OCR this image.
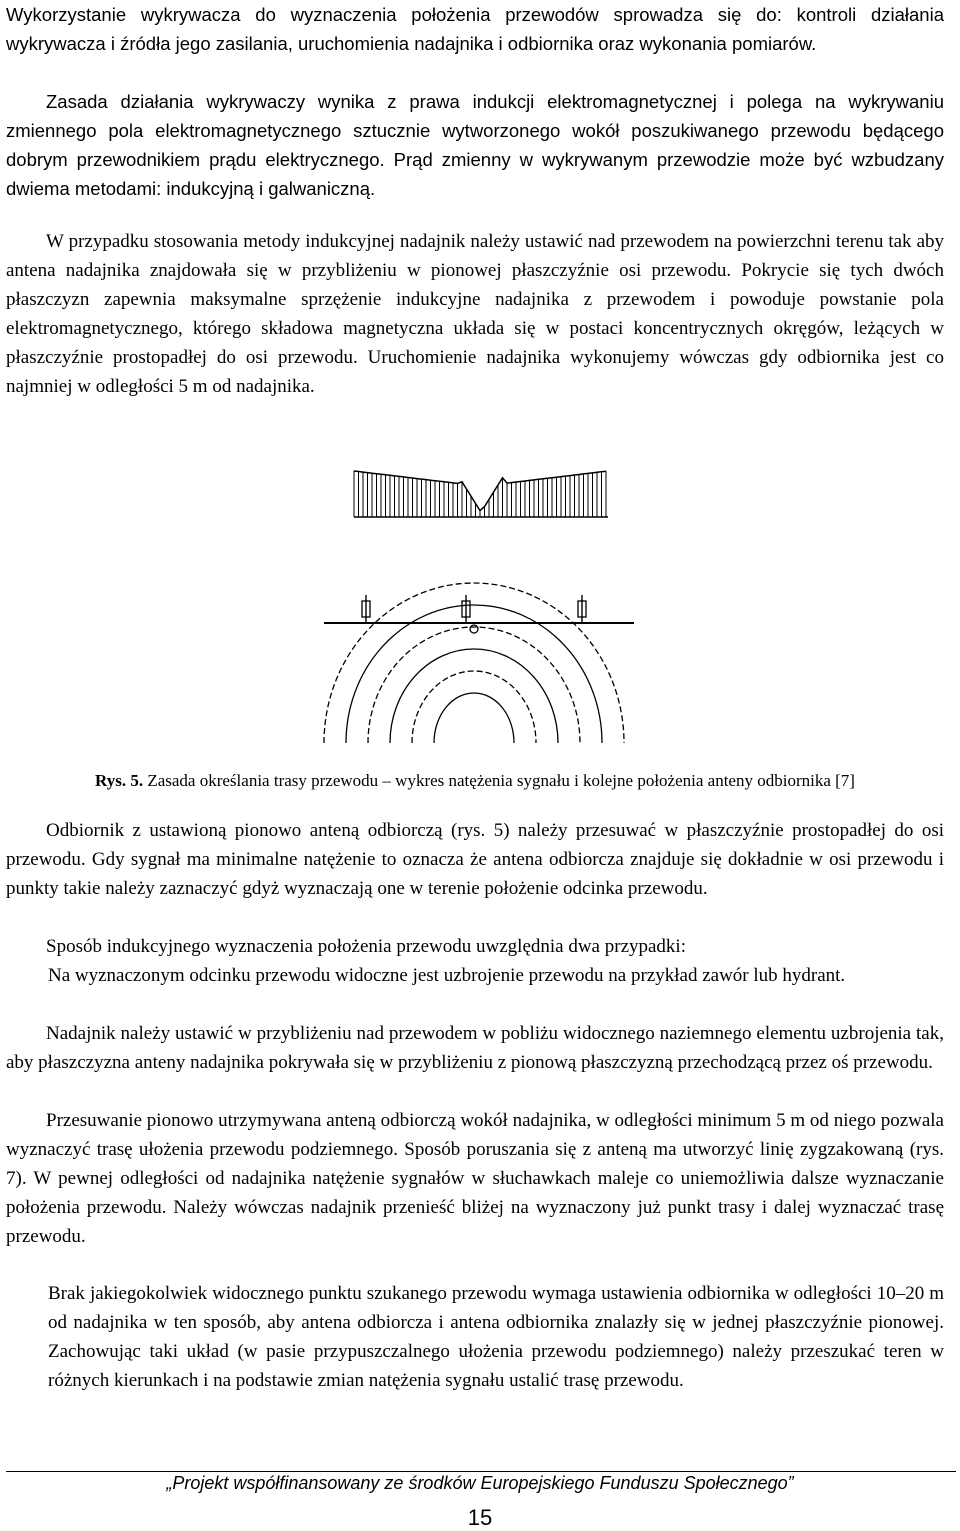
Wykorzystanie wykrywacza do wyznaczenia położenia przewodów sprowadza się do: kontroli działania wykrywacza i źródła jego zasilania, uruchomienia nadajnika i odbiornika oraz wykonania pomiarów.

Zasada działania wykrywaczy wynika z prawa indukcji elektromagnetycznej i polega na wykrywaniu zmiennego pola elektromagnetycznego sztucznie wytworzonego wokół poszukiwanego przewodu będącego dobrym przewodnikiem prądu elektrycznego. Prąd zmienny w wykrywanym przewodzie może być wzbudzany dwiema metodami: indukcyjną i galwaniczną.

W przypadku stosowania metody indukcyjnej nadajnik należy ustawić nad przewodem na powierzchni terenu tak aby antena nadajnika znajdowała się w przybliżeniu w pionowej płaszczyźnie osi przewodu. Pokrycie się tych dwóch płaszczyzn zapewnia maksymalne sprzężenie indukcyjne nadajnika z przewodem i powoduje powstanie pola elektromagnetycznego, którego składowa magnetyczna układa się w postaci koncentrycznych okręgów, leżących w płaszczyźnie prostopadłej do osi przewodu. Uruchomienie nadajnika wykonujemy wówczas gdy odbiornika jest co najmniej w odległości 5 m od nadajnika.

Rys. 5. Zasada określania trasy przewodu – wykres natężenia sygnału i kolejne położenia anteny odbiornika [7]

Odbiornik z ustawioną pionowo anteną odbiorczą (rys. 5) należy przesuwać w płaszczyźnie prostopadłej do osi przewodu. Gdy sygnał ma minimalne natężenie to oznacza że antena odbiorcza znajduje się dokładnie w osi przewodu i punkty takie należy zaznaczyć gdyż wyznaczają one w terenie położenie odcinka przewodu.

Sposób indukcyjnego wyznaczenia położenia przewodu uwzględnia dwa przypadki:

Na wyznaczonym odcinku przewodu widoczne jest uzbrojenie przewodu na przykład zawór lub hydrant.

Nadajnik należy ustawić w przybliżeniu nad przewodem w pobliżu widocznego naziemnego elementu uzbrojenia tak, aby płaszczyzna anteny nadajnika pokrywała się w przybliżeniu z pionową płaszczyzną przechodzącą przez oś przewodu.

Przesuwanie pionowo utrzymywana anteną odbiorczą wokół nadajnika, w odległości minimum 5 m od niego pozwala wyznaczyć trasę ułożenia przewodu podziemnego. Sposób poruszania się z anteną ma utworzyć linię zygzakowaną (rys. 7). W pewnej odległości od nadajnika natężenie sygnałów w słuchawkach maleje co uniemożliwia dalsze wyznaczanie położenia przewodu. Należy wówczas nadajnik przenieść bliżej na wyznaczony już punkt trasy i dalej wyznaczać trasę przewodu.

Brak jakiegokolwiek widocznego punktu szukanego przewodu wymaga ustawienia odbiornika w odległości 10–20 m od nadajnika w ten sposób, aby antena odbiorcza i antena odbiornika znalazły się w jednej płaszczyźnie pionowej. Zachowując taki układ (w pasie przypuszczalnego ułożenia przewodu podziemnego) należy przeszukać teren w różnych kierunkach i na podstawie zmian natężenia sygnału ustalić trasę przewodu.
„Projekt współfinansowany ze środków Europejskiego Funduszu Społecznego”
15
